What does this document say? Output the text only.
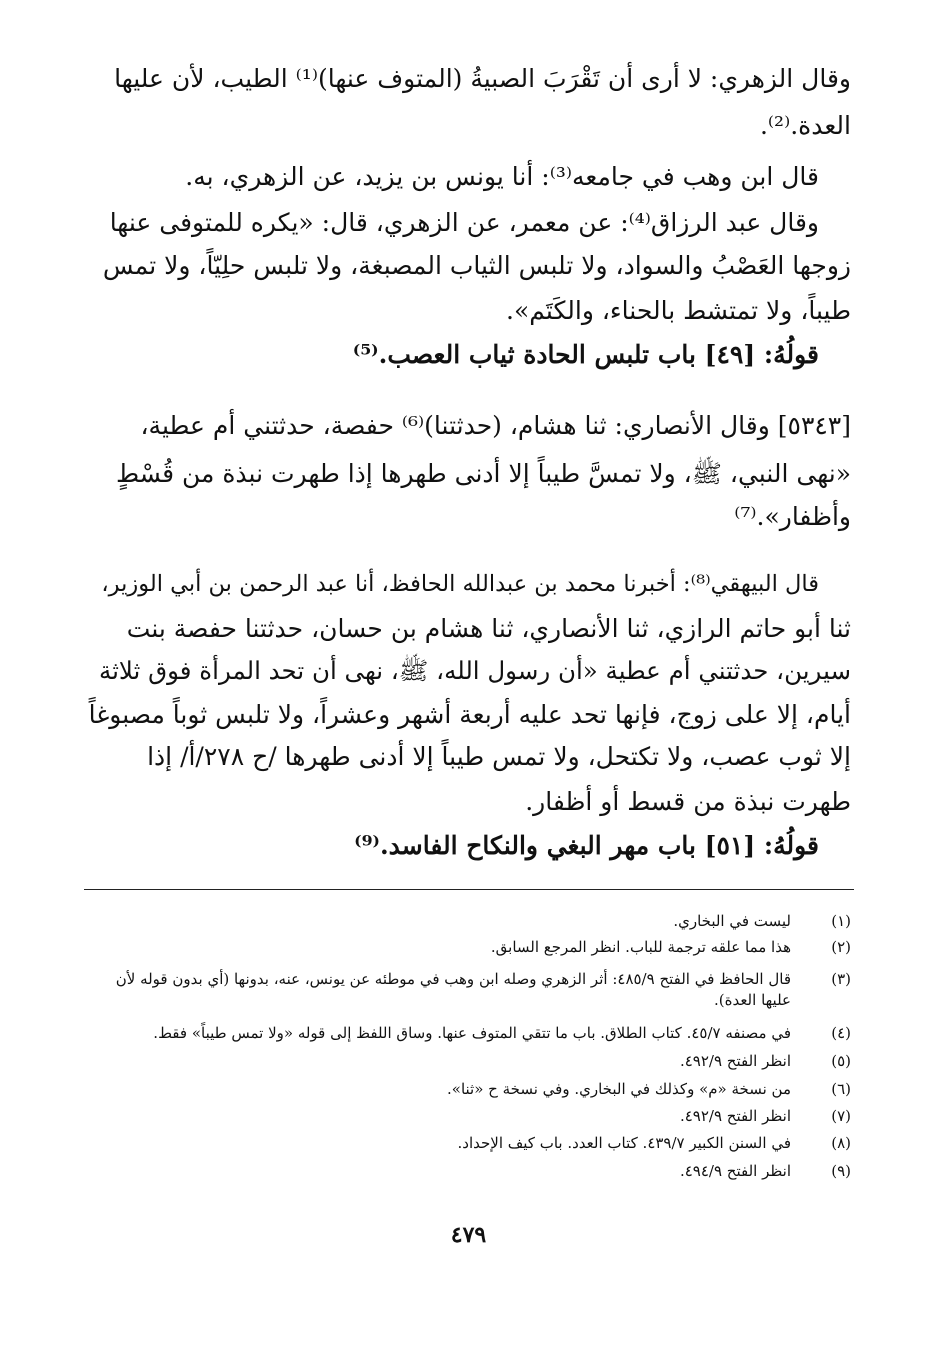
وقال الزهري: لا أرى أن تَقْرَبَ الصبيةُ (المتوف عنها)⁽¹⁾ الطيب، لأن عليها
العدة.⁽²⁾.
قال ابن وهب في جامعه⁽³⁾: أنا يونس بن يزيد، عن الزهري، به.
وقال عبد الرزاق⁽⁴⁾: عن معمر، عن الزهري، قال: «يكره للمتوفى عنها
زوجها العَصْبُ والسواد، ولا تلبس الثياب المصبغة، ولا تلبس حلِيّاً، ولا تمس
طيباً، ولا تمتشط بالحناء، والكَتَم».
قولُهُ: [٤٩] باب تلبس الحادة ثياب العصب.⁽⁵⁾
[٥٣٤٣] وقال الأنصاري: ثنا هشام، (حدثتنا)⁽⁶⁾ حفصة، حدثتني أم عطية،
«نهى النبي، ﷺ، ولا تمسَّ طيباً إلا أدنى طهرها إذا طهرت نبذة من قُسْطٍ
وأظفار».⁽⁷⁾
قال البيهقي⁽⁸⁾: أخبرنا محمد بن عبدالله الحافظ، أنا عبد الرحمن بن أبي الوزير،
ثنا أبو حاتم الرازي، ثنا الأنصاري، ثنا هشام بن حسان، حدثتنا حفصة بنت
سيرين، حدثتني أم عطية «أن رسول الله، ﷺ، نهى أن تحد المرأة فوق ثلاثة
أيام، إلا على زوج، فإنها تحد عليه أربعة أشهر وعشراً، ولا تلبس ثوباً مصبوغاً
إلا ثوب عصب، ولا تكتحل، ولا تمس طيباً إلا أدنى طهرها /ح ٢٧٨/أ/ إذا
طهرت نبذة من قسط أو أظفار.
قولُهُ: [٥١] باب مهر البغي والنكاح الفاسد.⁽⁹⁾
(١)
ليست في البخاري.
(٢)
هذا مما علقه ترجمة للباب. انظر المرجع السابق.
(٣)
قال الحافظ في الفتح ٤٨٥/٩: أثر الزهري وصله ابن وهب في موطئه عن يونس، عنه، بدونها (أي بدون قوله لأن عليها العدة).
(٤)
في مصنفه ٤٥/٧. كتاب الطلاق. باب ما تتقي المتوف عنها. وساق اللفظ إلى قوله «ولا تمس طيباً» فقط.
(٥)
انظر الفتح ٤٩٢/٩.
(٦)
من نسخة «م» وكذلك في البخاري. وفي نسخة ح «ثنا».
(٧)
انظر الفتح ٤٩٢/٩.
(٨)
في السنن الكبير ٤٣٩/٧. كتاب العدد. باب كيف الإحداد.
(٩)
انظر الفتح ٤٩٤/٩.
٤٧٩
